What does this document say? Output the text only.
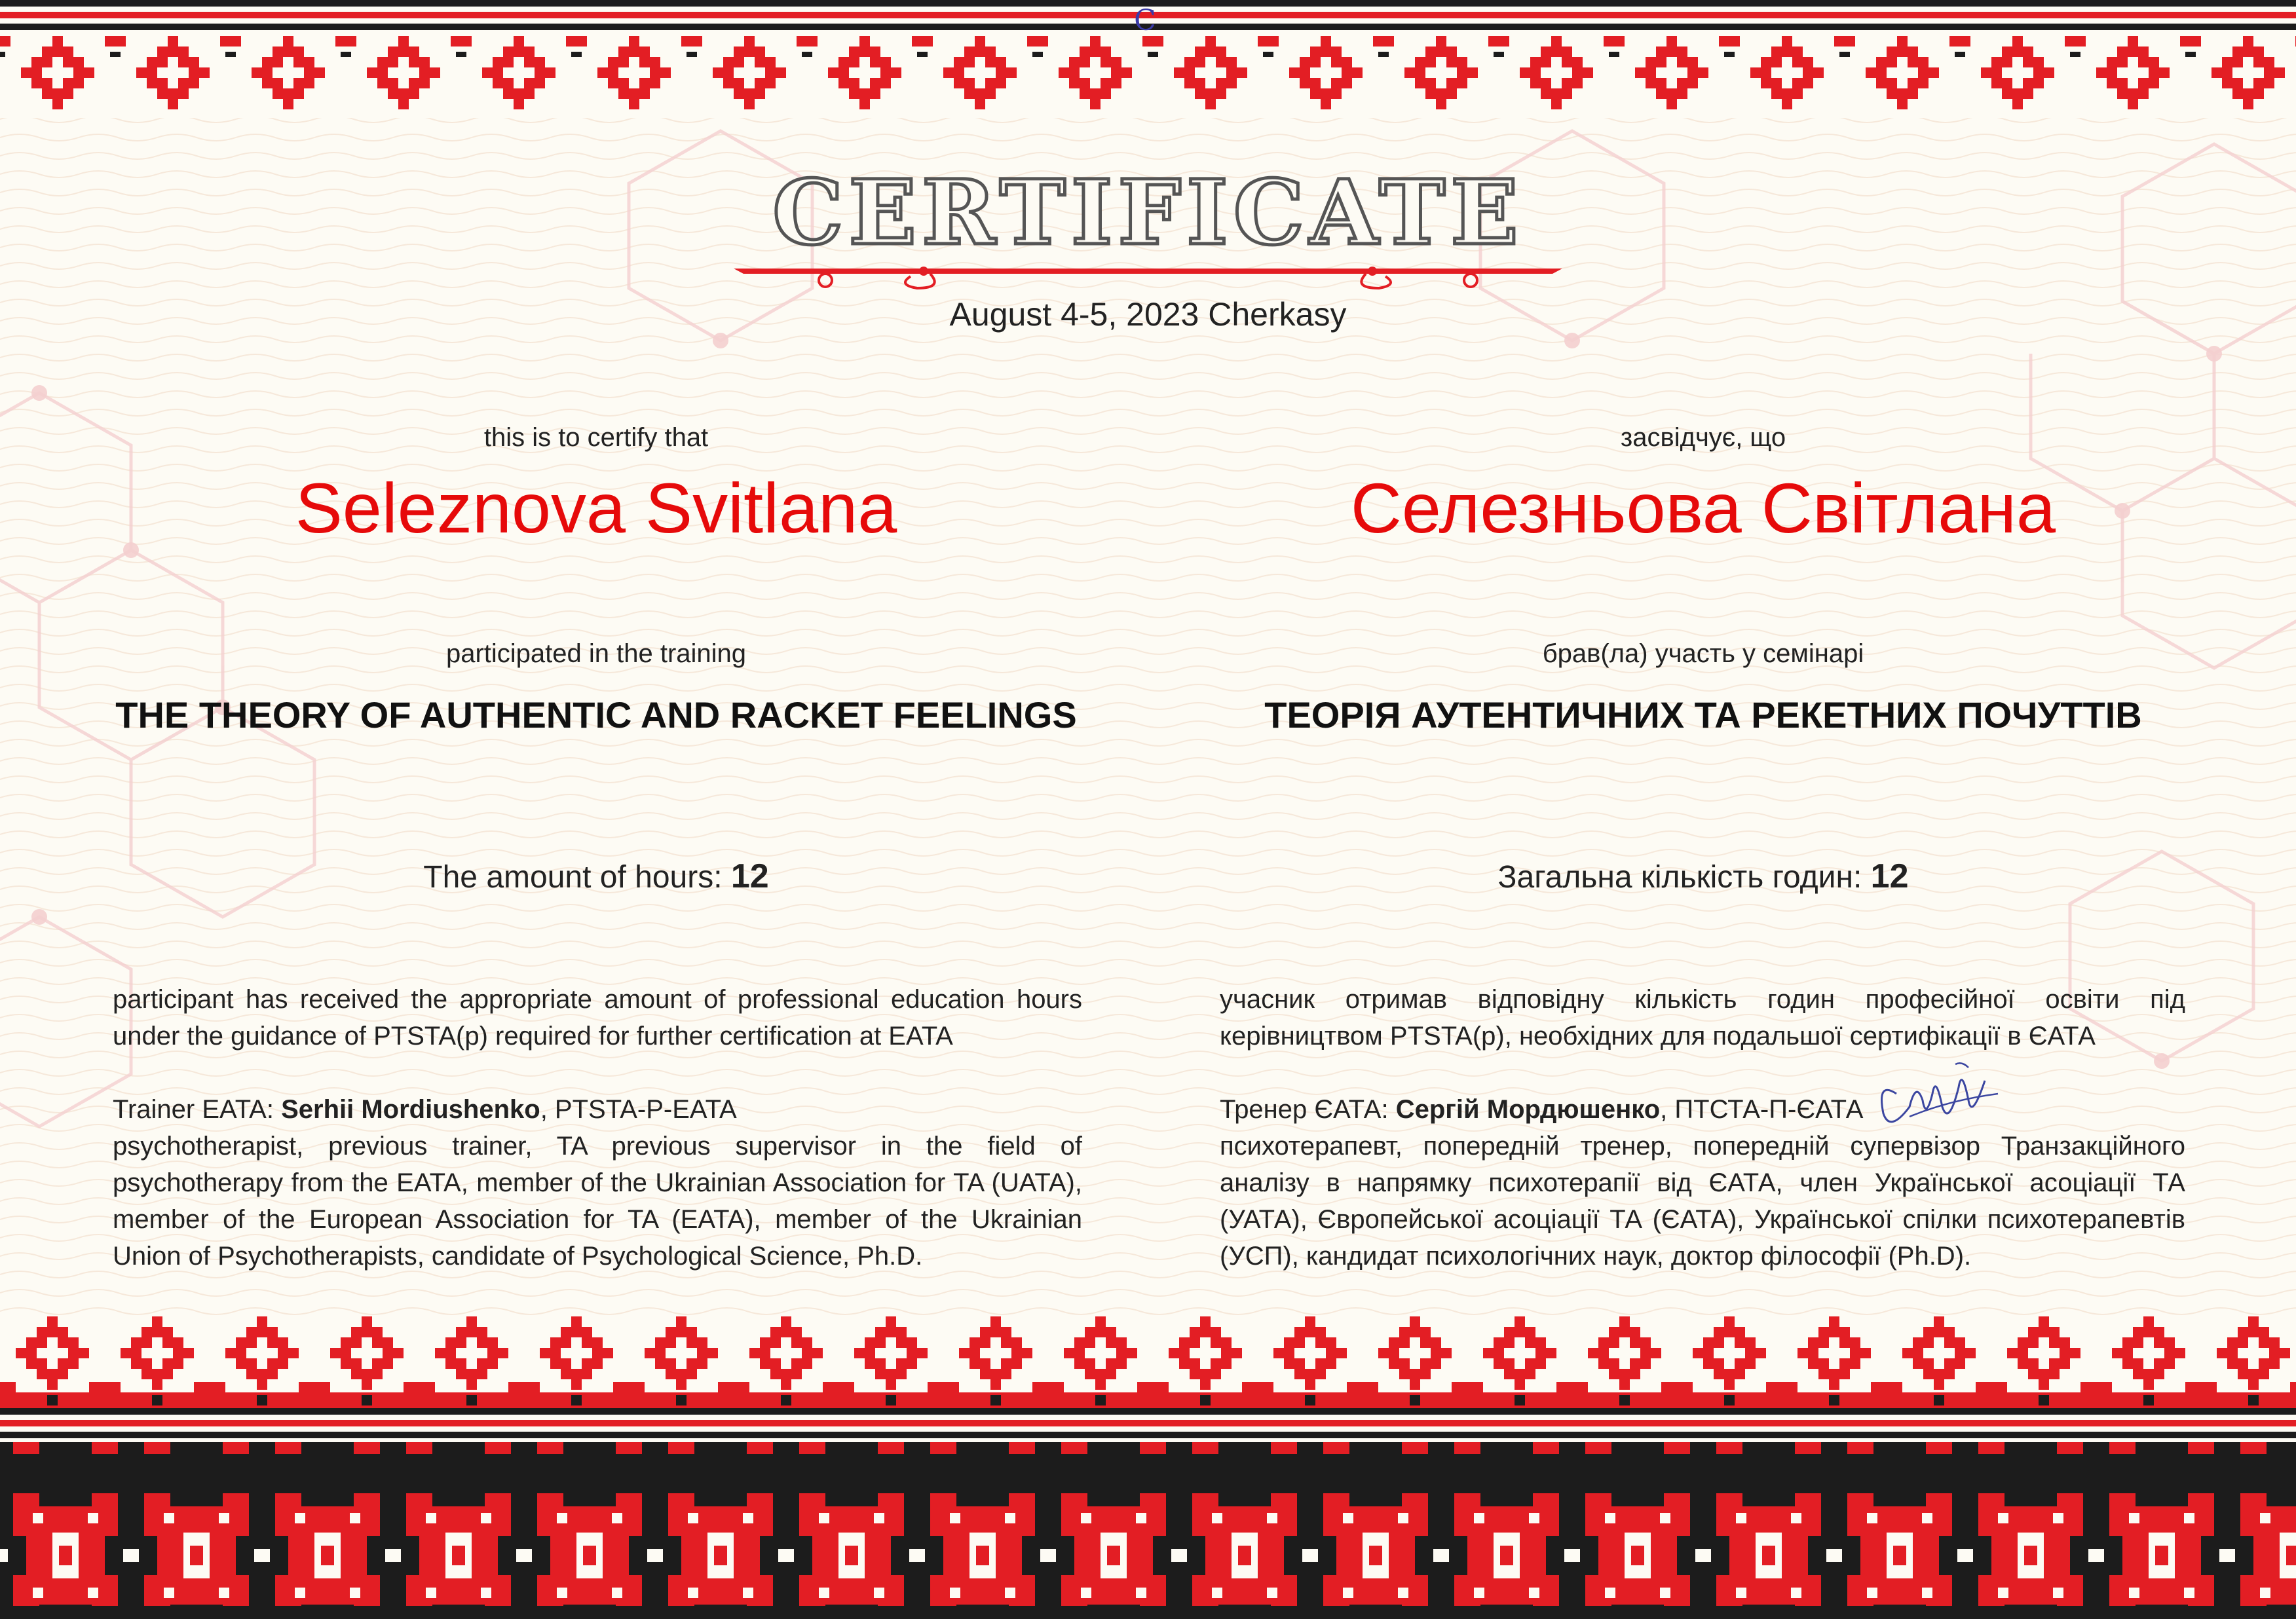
C
CERTIFICATE
August 4-5, 2023 Cherkasy
this is to certify that
Seleznova Svitlana
participated in the training
THE THEORY OF AUTHENTIC AND RACKET FEELINGS
The amount of hours: 12

participant has received the appropriate amount of professional education hours under the guidance of PTSTA(p) required for further certification at EATA

Trainer EATA: Serhii Mordiushenko, PTSTA-P-EATA

psychotherapist, previous trainer, TA previous supervisor in the field of psychotherapy from the EATA, member of the Ukrainian Association for TA (UATA), member of the European Association for TA (EATA), member of the Ukrainian Union of Psychotherapists, candidate of Psychological Science, Ph.D.

засвідчує, що
Селезньова Світлана
брав(ла) участь у семінарі
ТЕОРІЯ АУТЕНТИЧНИХ ТА РЕКЕТНИХ ПОЧУТТІВ
Загальна кількість годин: 12

учасник отримав відповідну кількість годин професійної освіти під керівництвом PTSTA(p), необхідних для подальшої сертифікації в ЄАТА

Тренер ЄАТА: Сергій Мордюшенко, ПТСТА-П-ЄАТА

психотерапевт, попередній тренер, попередній супервізор Транзакційного аналізу в напрямку психотерапії від ЄАТА, член Української асоціації ТА (УАТА), Європейської асоціації ТА (ЄАТА), Української спілки психотерапевтів (УСП), кандидат психологічних наук, доктор філософії (Ph.D).
